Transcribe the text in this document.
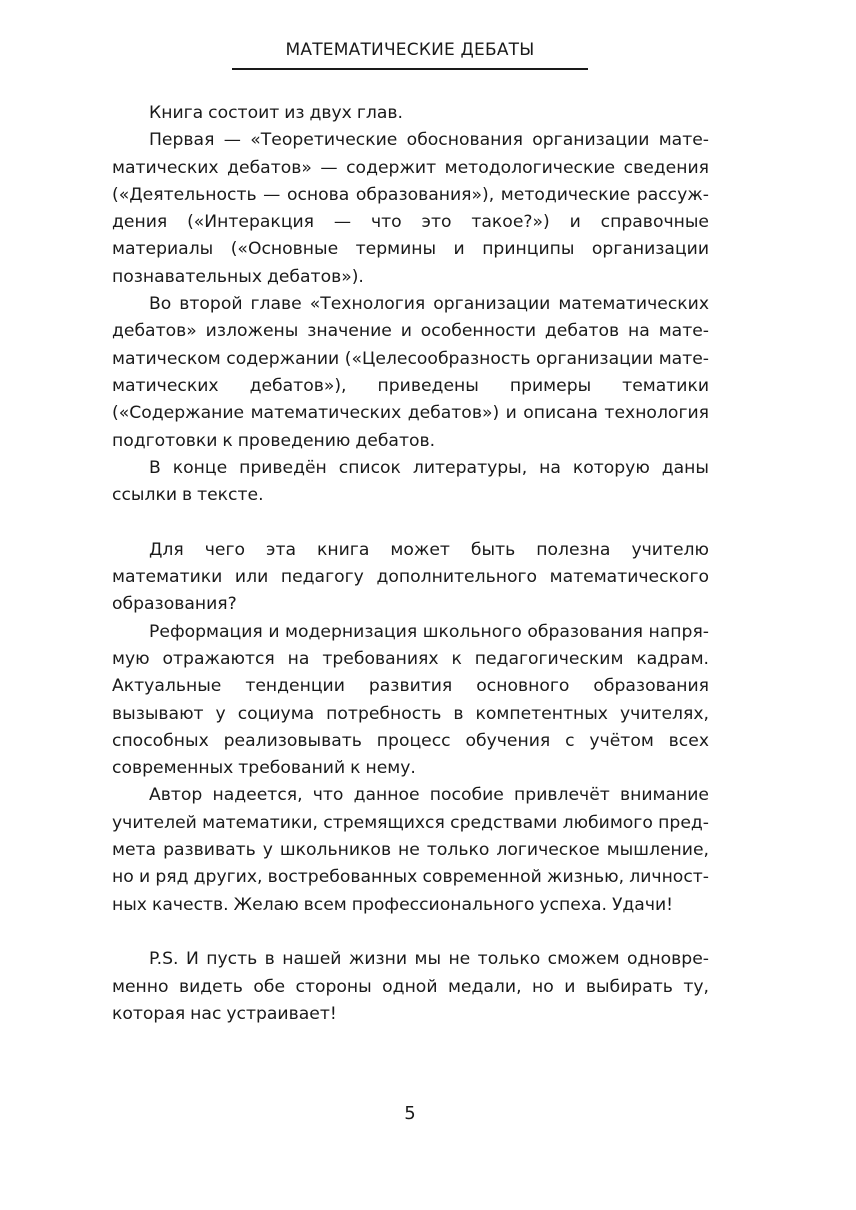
МАТЕМАТИЧЕСКИЕ ДЕБАТЫ

Книга состоит из двух глав.

Первая — «Теоретические обоснования организации математических дебатов» — содержит методологические сведения («Деятельность — основа образования»), методические рассуждения («Интеракция — что это такое?») и справочные материалы («Основные термины и принципы организации познавательных дебатов»).

Во второй главе «Технология организации математических дебатов» изложены значение и особенности дебатов на математическом содержании («Целесообразность организации математических дебатов»), приведены примеры тематики («Содержание математических дебатов») и описана технология подготовки к проведению дебатов.

В конце приведён список литературы, на которую даны ссылки в тексте.

Для чего эта книга может быть полезна учителю математики или педагогу дополнительного математического образования?

Реформация и модернизация школьного образования напрямую отражаются на требованиях к педагогическим кадрам. Актуальные тенденции развития основного образования вызывают у социума потребность в компетентных учителях, способных реализовывать процесс обучения с учётом всех современных требований к нему.

Автор надеется, что данное пособие привлечёт внимание учителей математики, стремящихся средствами любимого предмета развивать у школьников не только логическое мышление, но и ряд других, востребованных современной жизнью, личностных качеств. Желаю всем профессионального успеха. Удачи!

P.S. И пусть в нашей жизни мы не только сможем одновременно видеть обе стороны одной медали, но и выбирать ту, которая нас устраивает!

5
